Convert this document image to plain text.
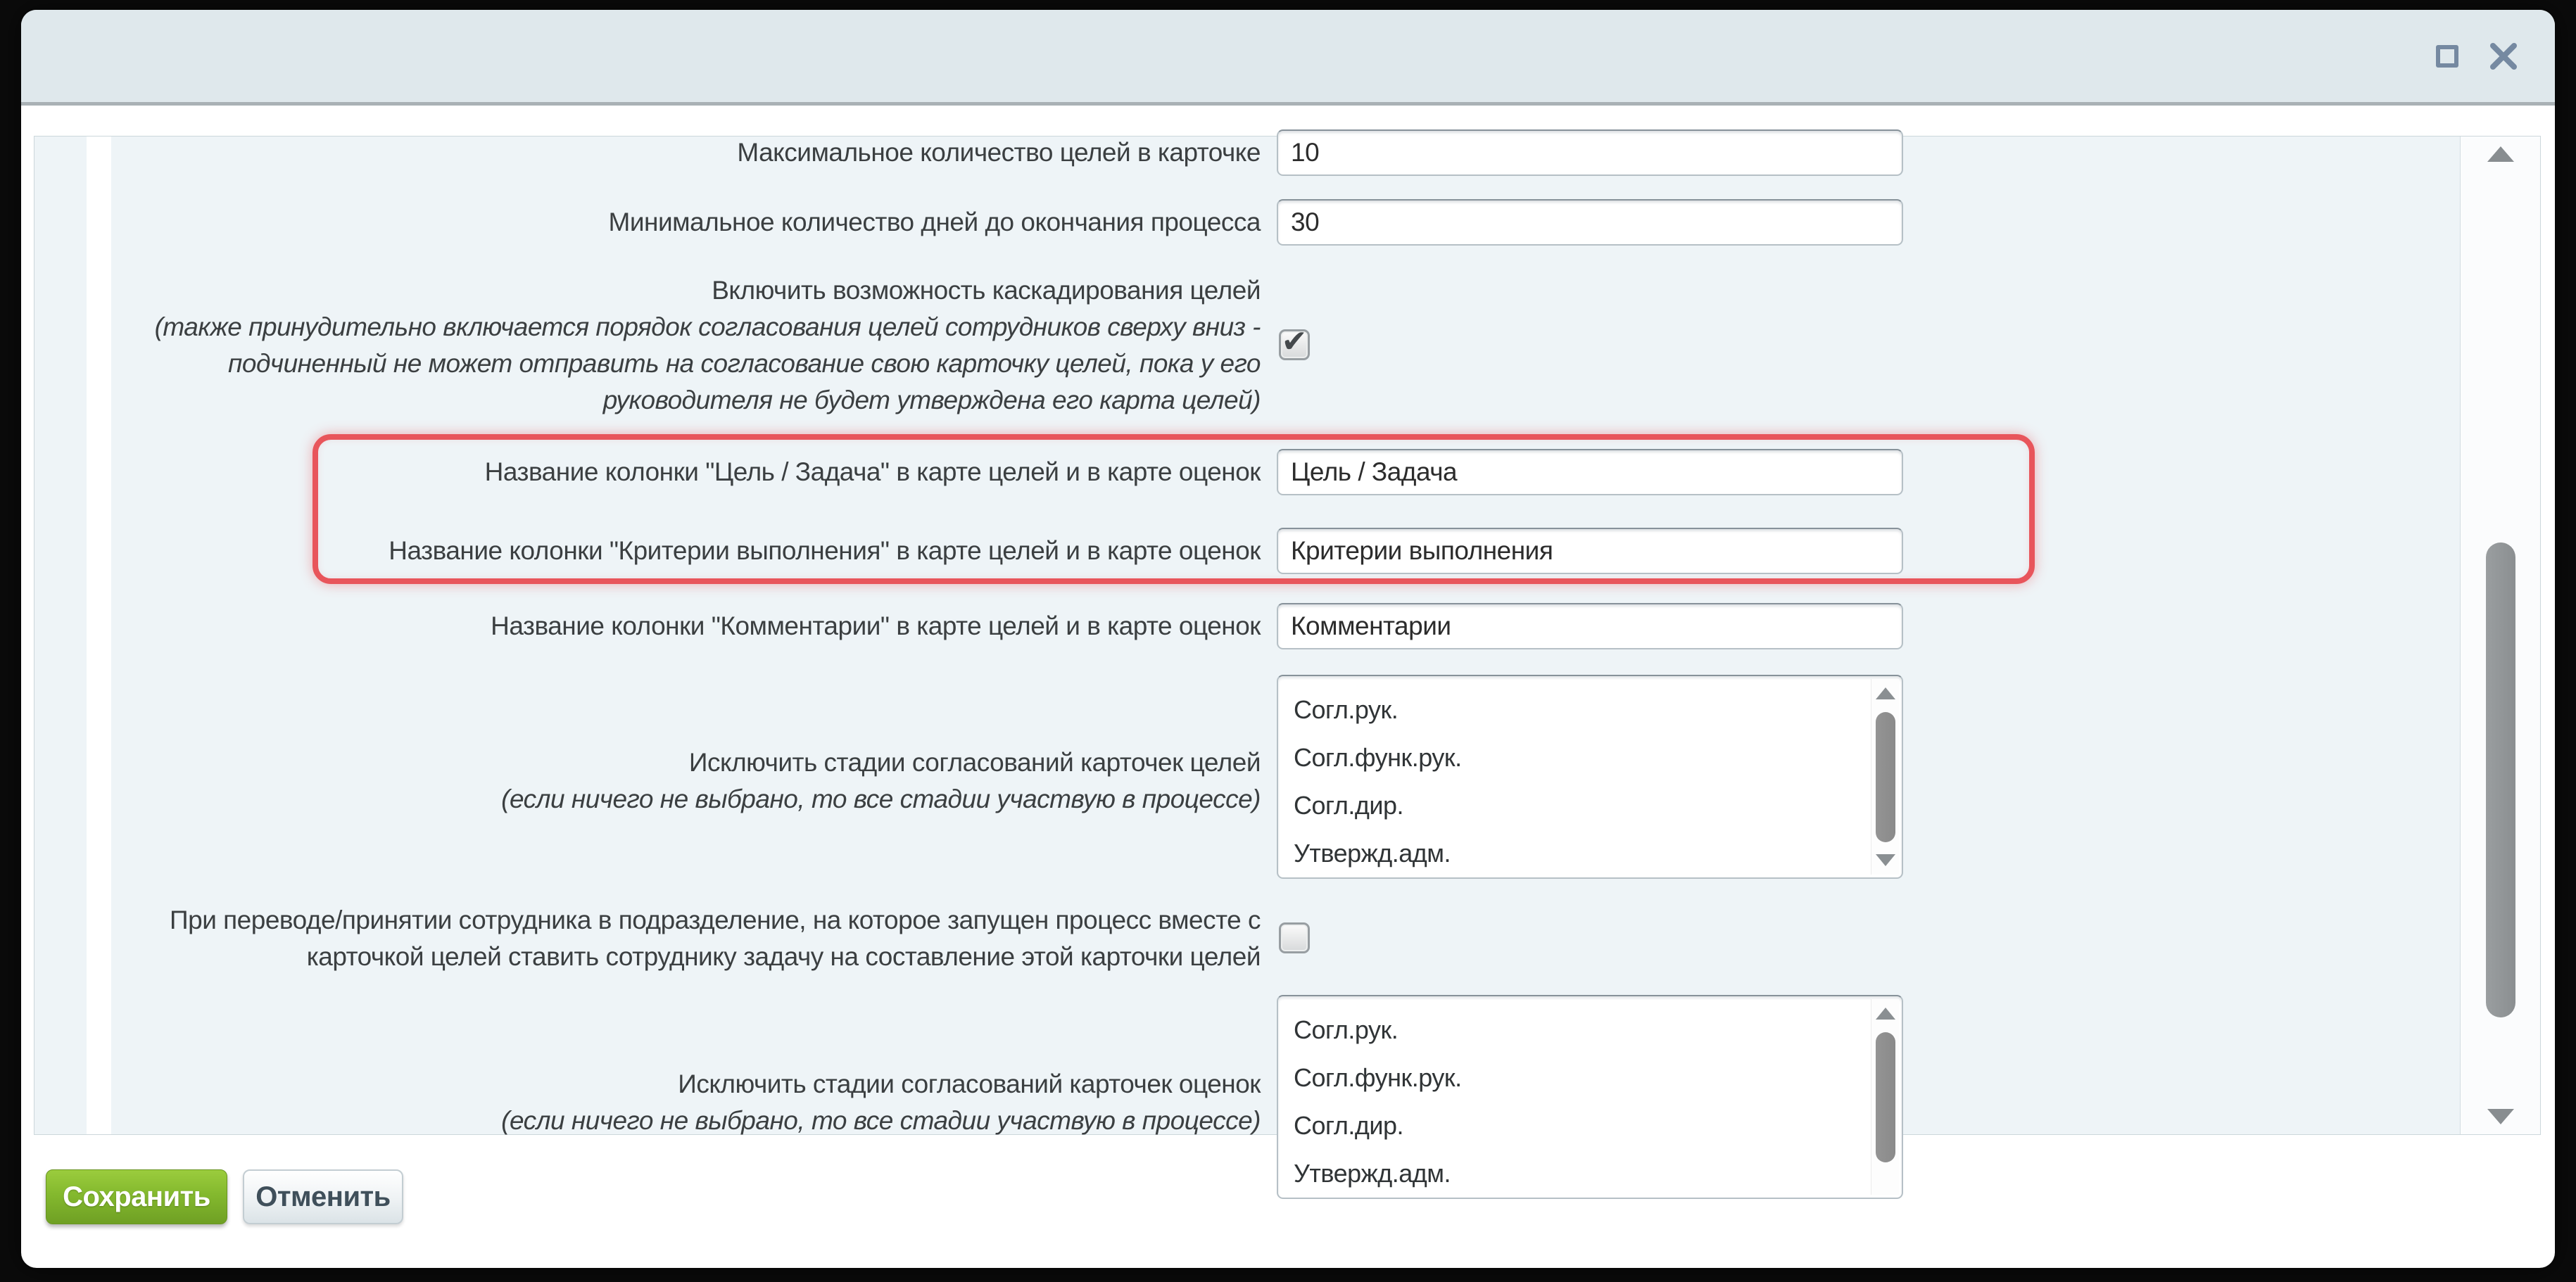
Максимальное количество целей в карточке
10
Минимальное количество дней до окончания процесса
30
Включить возможность каскадирования целей
(также принудительно включается порядок согласования целей сотрудников сверху вниз - подчиненный не может отправить на согласование свою карточку целей, пока у его руководителя не будет утверждена его карта целей)
✔
Название колонки "Цель / Задача" в карте целей и в карте оценок
Цель / Задача
Название колонки "Критерии выполнения" в карте целей и в карте оценок
Критерии выполнения
Название колонки "Комментарии" в карте целей и в карте оценок
Комментарии
Исключить стадии согласований карточек целей
(если ничего не выбрано, то все стадии участвую в процессе)
Согл.рук.
Согл.функ.рук.
Согл.дир.
Утвержд.адм.
При переводе/принятии сотрудника в подразделение, на которое запущен процесс вместе с карточкой целей ставить сотруднику задачу на составление этой карточки целей
Исключить стадии согласований карточек оценок
(если ничего не выбрано, то все стадии участвую в процессе)
Согл.рук.
Согл.функ.рук.
Согл.дир.
Утвержд.адм.
Сохранить	Отменить
